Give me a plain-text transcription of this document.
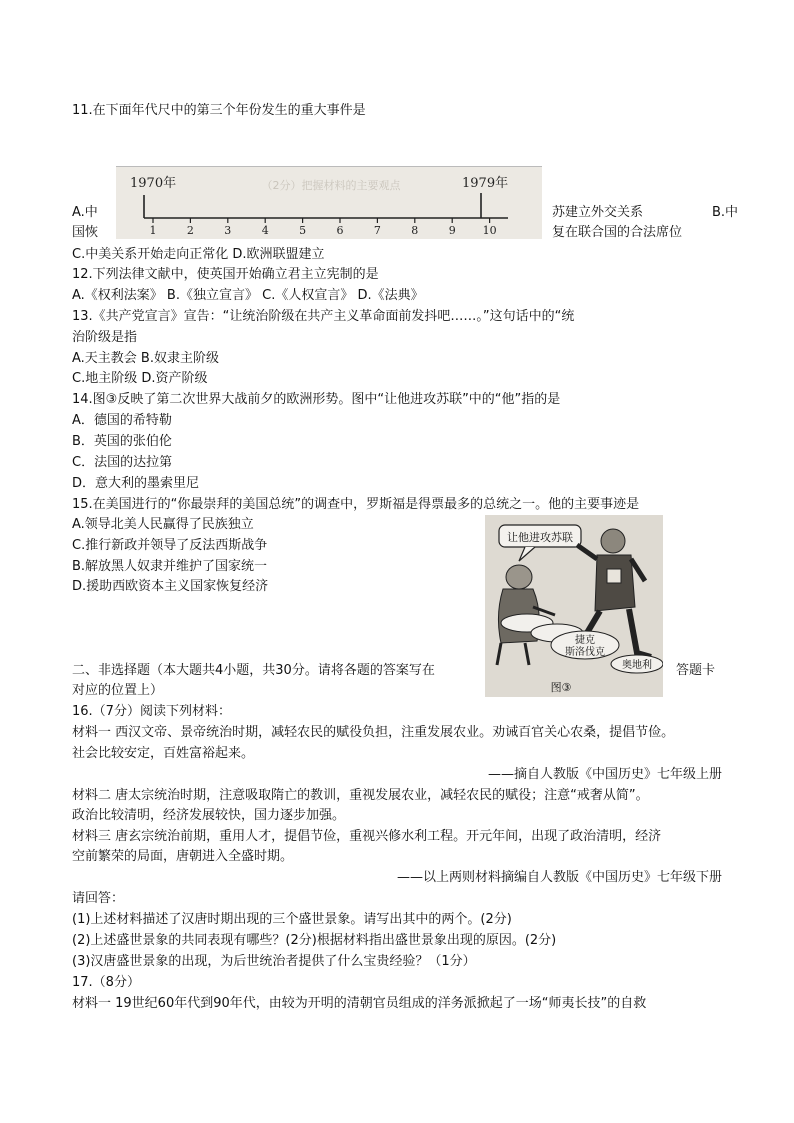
11.在下面年代尺中的第三个年份发生的重大事件是
（2分）把握材料的主要观点
1970年	1979年
1	2	3	4	5	6	7	8	9 10
A.中	苏建立外交关系	B.中
国恢	复在联合国的合法席位
C.中美关系开始走向正常化 D.欧洲联盟建立
12.下列法律文献中，使英国开始确立君主立宪制的是
A.《权利法案》 B.《独立宣言》 C.《人权宣言》 D.《法典》
13.《共产党宣言》宣告：“让统治阶级在共产主义革命面前发抖吧……。”这句话中的“统
治阶级是指
A.天主教会 B.奴隶主阶级
C.地主阶级 D.资产阶级
14.图③反映了第二次世界大战前夕的欧洲形势。图中“让他进攻苏联”中的“他”指的是
A．德国的希特勒
B．英国的张伯伦
C．法国的达拉第
D．意大利的墨索里尼
15.在美国进行的“你最崇拜的美国总统”的调查中，罗斯福是得票最多的总统之一。他的主要事迹是
A.领导北美人民赢得了民族独立
C.推行新政并领导了反法西斯战争
B.解放黑人奴隶并维护了国家统一
D.援助西欧资本主义国家恢复经济
让他进攻苏联
捷克
斯洛伐克
奥地利
图③
二、非选择题（本大题共4小题，共30分。请将各题的答案写在	答题卡
对应的位置上）
16.（7分）阅读下列材料：
材料一 西汉文帝、景帝统治时期，减轻农民的赋役负担，注重发展农业。劝诫百官关心农桑，提倡节俭。
社会比较安定，百姓富裕起来。
——摘自人教版《中国历史》七年级上册
材料二 唐太宗统治时期，注意吸取隋亡的教训，重视发展农业，减轻农民的赋役；注意“戒奢从简”。
政治比较清明，经济发展较快，国力逐步加强。
材料三 唐玄宗统治前期，重用人才，提倡节俭，重视兴修水利工程。开元年间，出现了政治清明，经济
空前繁荣的局面，唐朝进入全盛时期。
——以上两则材料摘编自人教版《中国历史》七年级下册
请回答：
(1)上述材料描述了汉唐时期出现的三个盛世景象。请写出其中的两个。(2分)
(2)上述盛世景象的共同表现有哪些？(2分)根据材料指出盛世景象出现的原因。(2分)
(3)汉唐盛世景象的出现，为后世统治者提供了什么宝贵经验？（1分）
17.（8分）
材料一 19世纪60年代到90年代，由较为开明的清朝官员组成的洋务派掀起了一场“师夷长技”的自救
